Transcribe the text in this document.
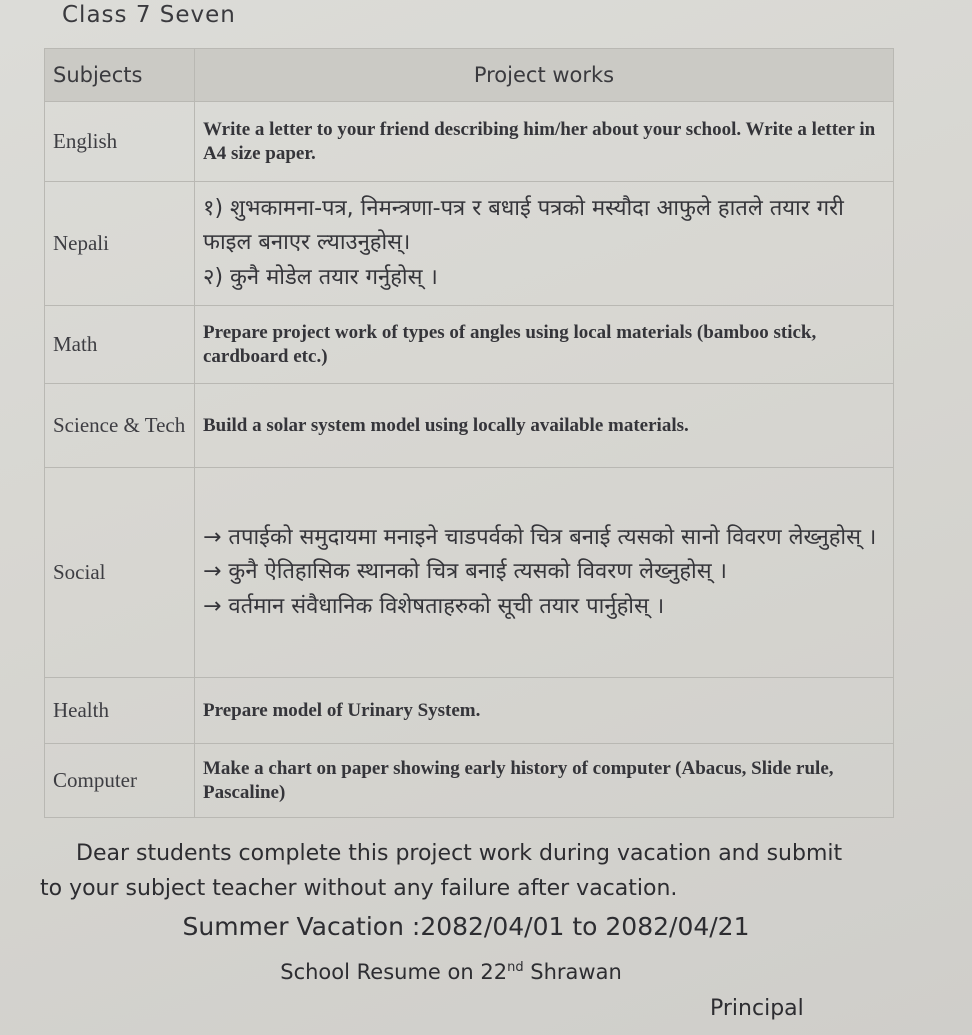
Class 7 Seven
Subjects	Project works
English	Write a letter to your friend describing him/her about your school. Write a letter in A4 size paper.

Nepali	१) शुभकामना-पत्र, निमन्त्रणा-पत्र र बधाई पत्रको मस्यौदा आफुले हातले तयार गरी फाइल बनाएर ल्याउनुहोस्।
२) कुनै मोडेल तयार गर्नुहोस् ।

Math	Prepare project work of types of angles using local materials (bamboo stick, cardboard etc.)

Science & Tech	Build a solar system model using locally available materials.

Social	→ तपाईको समुदायमा मनाइने चाडपर्वको चित्र बनाई त्यसको सानो विवरण लेख्नुहोस् ।
→ कुनै ऐतिहासिक स्थानको चित्र बनाई त्यसको विवरण लेख्नुहोस् ।
→ वर्तमान संवैधानिक विशेषताहरुको सूची तयार पार्नुहोस् ।

Health	Prepare model of Urinary System.

Computer	Make a chart on paper showing early history of computer (Abacus, Slide rule, Pascaline)
Dear students complete this project work during vacation and submit
to your subject teacher without any failure after vacation.
Summer Vacation :2082/04/01 to 2082/04/21
School Resume on 22nd Shrawan
Principal
